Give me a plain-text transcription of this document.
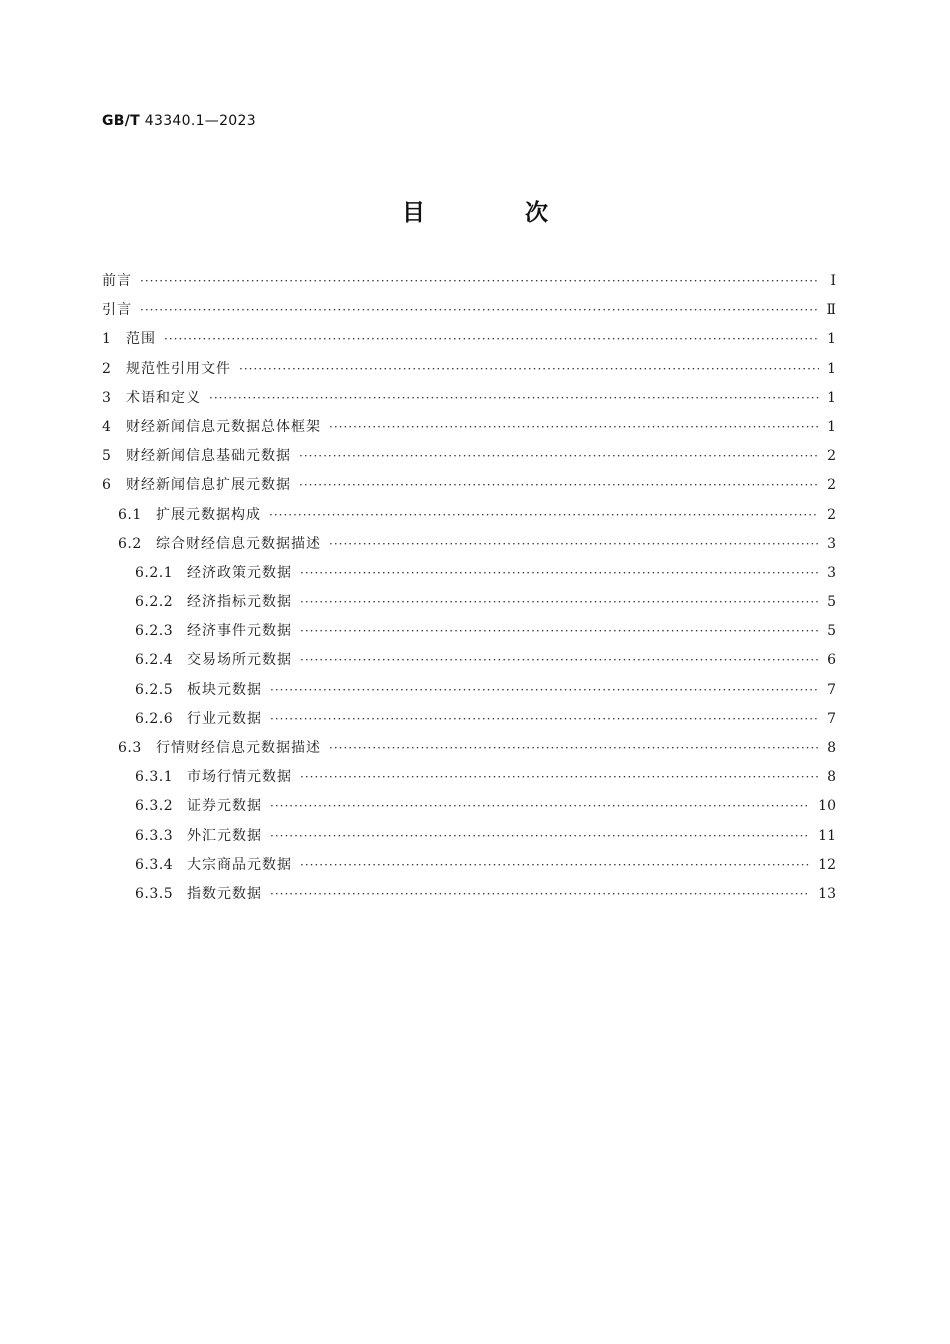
GB/T 43340.1—2023
目 次
前言 ·····	Ⅰ
引言 ·····	Ⅱ
1	范围 ·····	1
2	规范性引用文件 ·····	1
3	术语和定义 ·····	1
4	财经新闻信息元数据总体框架 ·····	1
5	财经新闻信息基础元数据 ·····	2
6	财经新闻信息扩展元数据 ·····	2
6.1	扩展元数据构成 ·····	2
6.2	综合财经信息元数据描述 ·····	3
6.2.1 经济政策元数据 ·····	3
6.2.2 经济指标元数据 ·····	5
6.2.3 经济事件元数据 ·····	5
6.2.4 交易场所元数据 ·····	6
6.2.5 板块元数据 ·····	7
6.2.6 行业元数据 ·····	7
6.3	行情财经信息元数据描述 ·····	8
6.3.1 市场行情元数据 ·····	8
6.3.2 证券元数据 ·····	10
6.3.3 外汇元数据 ·····	11
6.3.4 大宗商品元数据 ·····	12
6.3.5 指数元数据 ·····	13
